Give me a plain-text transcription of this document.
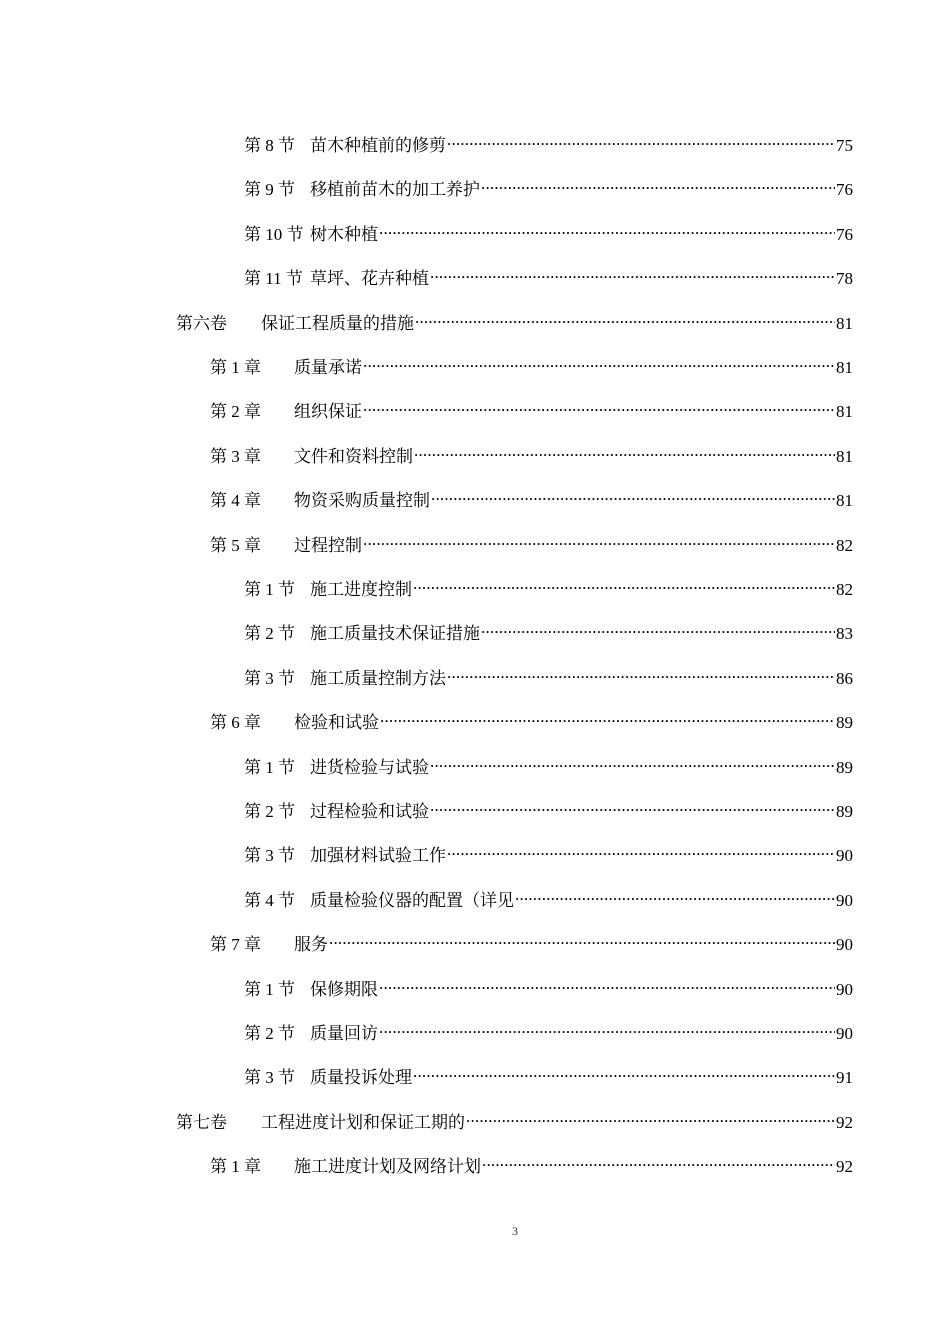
第 8 节 苗木种植前的修剪 .....	75
第 9 节 移植前苗木的加工养护 .....	76
第 10 节 树木种植 .....	76
第 11 节 草坪、花卉种植 .....	78
第六卷	保证工程质量的措施 .....	81
第 1 章	质量承诺 .....	81
第 2 章	组织保证 .....	81
第 3 章	文件和资料控制 .....	81
第 4 章	物资采购质量控制 .....	81
第 5 章	过程控制 .....	82
第 1 节 施工进度控制 .....	82
第 2 节 施工质量技术保证措施 .....	83
第 3 节 施工质量控制方法 .....	86
第 6 章	检验和试验 .....	89
第 1 节 进货检验与试验 .....	89
第 2 节 过程检验和试验 .....	89
第 3 节 加强材料试验工作 .....	90
第 4 节 质量检验仪器的配置（详见 .....	90
第 7 章	服务 .....	90
第 1 节 保修期限 .....	90
第 2 节 质量回访 .....	90
第 3 节 质量投诉处理 .....	91
第七卷	工程进度计划和保证工期的 .....	92
第 1 章	施工进度计划及网络计划 .....	92
3
